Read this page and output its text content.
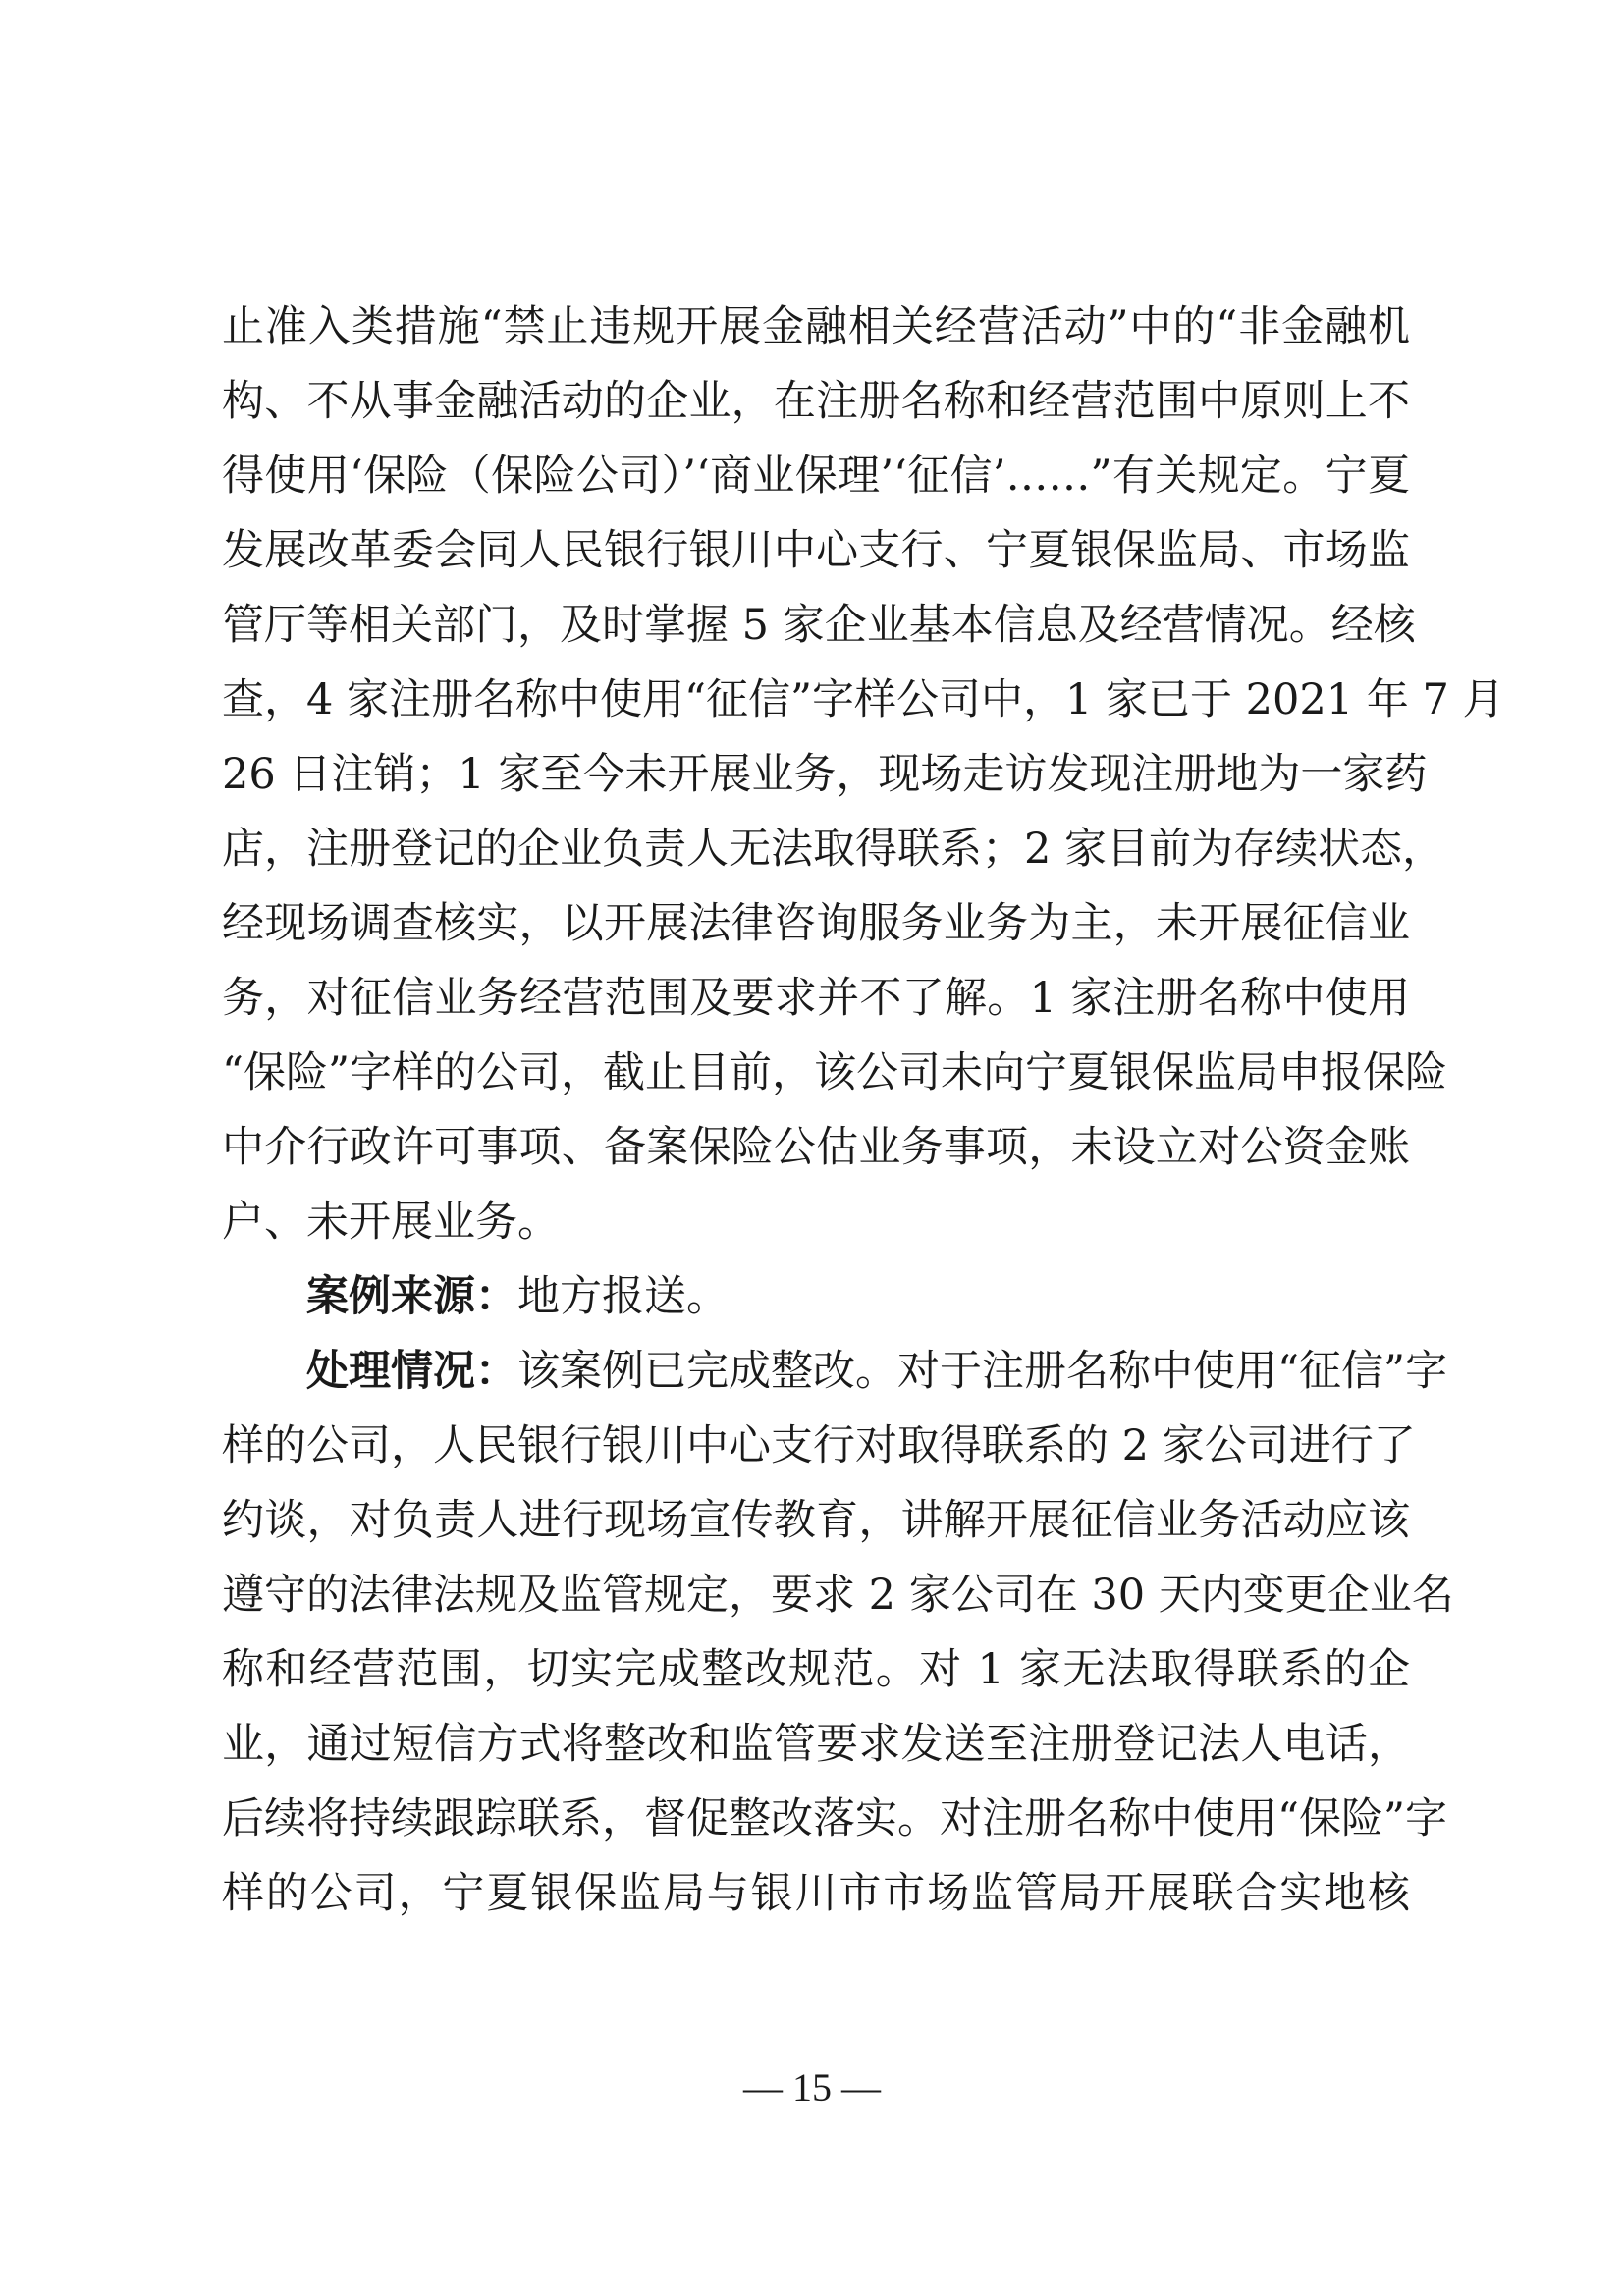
止准入类措施“禁止违规开展金融相关经营活动”中的“非金融机
构、不从事金融活动的企业，在注册名称和经营范围中原则上不
得使用‘保险（保险公司）’‘商业保理’‘征信’……”有关规定。宁夏
发展改革委会同人民银行银川中心支行、宁夏银保监局、市场监
管厅等相关部门，及时掌握 5 家企业基本信息及经营情况。经核
查，4 家注册名称中使用“征信”字样公司中，1 家已于 2021 年 7 月
26 日注销；1 家至今未开展业务，现场走访发现注册地为一家药
店，注册登记的企业负责人无法取得联系；2 家目前为存续状态，
经现场调查核实，以开展法律咨询服务业务为主，未开展征信业
务，对征信业务经营范围及要求并不了解。1 家注册名称中使用
“保险”字样的公司，截止目前，该公司未向宁夏银保监局申报保险
中介行政许可事项、备案保险公估业务事项，未设立对公资金账
户、未开展业务。
案例来源：地方报送。
处理情况：该案例已完成整改。对于注册名称中使用“征信”字
样的公司，人民银行银川中心支行对取得联系的 2 家公司进行了
约谈，对负责人进行现场宣传教育，讲解开展征信业务活动应该
遵守的法律法规及监管规定，要求 2 家公司在 30 天内变更企业名
称和经营范围，切实完成整改规范。对 1 家无法取得联系的企
业，通过短信方式将整改和监管要求发送至注册登记法人电话，
后续将持续跟踪联系，督促整改落实。对注册名称中使用“保险”字
样的公司，宁夏银保监局与银川市市场监管局开展联合实地核
— 15 —
